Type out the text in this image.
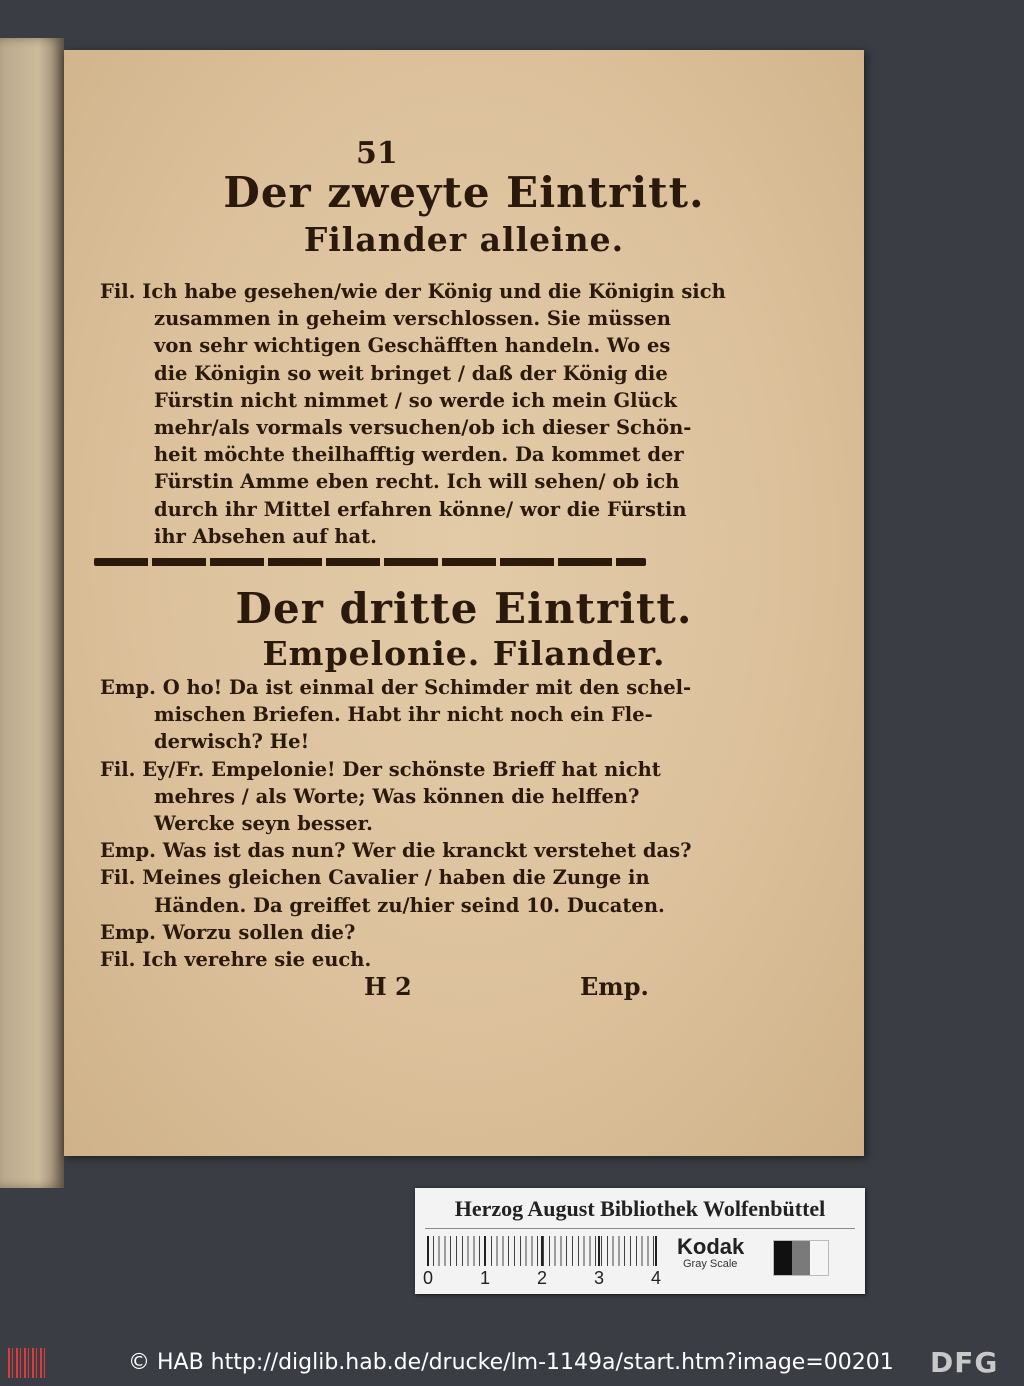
51
Der zweyte Eintritt.
Filander alleine.
Fil. Ich habe gesehen/wie der König und die Königin sich
zusammen in geheim verschlossen. Sie müssen
von sehr wichtigen Geschäfften handeln. Wo es
die Königin so weit bringet / daß der König die
Fürstin nicht nimmet / so werde ich mein Glück
mehr/als vormals versuchen/ob ich dieser Schön-
heit möchte theilhafftig werden. Da kommet der
Fürstin Amme eben recht. Ich will sehen/ ob ich
durch ihr Mittel erfahren könne/ wor die Fürstin
ihr Absehen auf hat.
Der dritte Eintritt.
Empelonie. Filander.
Emp. O ho! Da ist einmal der Schimder mit den schel-
mischen Briefen. Habt ihr nicht noch ein Fle-
derwisch? He!
Fil. Ey/Fr. Empelonie! Der schönste Brieff hat nicht
mehres / als Worte; Was können die helffen?
Wercke seyn besser.
Emp. Was ist das nun? Wer die kranckt verstehet das?
Fil. Meines gleichen Cavalier / haben die Zunge in
Händen. Da greiffet zu/hier seind 10. Ducaten.
Emp. Worzu sollen die?
Fil. Ich verehre sie euch.
H 2	Emp.
Herzog August Bibliothek Wolfenbüttel
0	1	2	3	4
Kodak
Gray Scale
© HAB http://diglib.hab.de/drucke/lm-1149a/start.htm?image=00201 DFG
